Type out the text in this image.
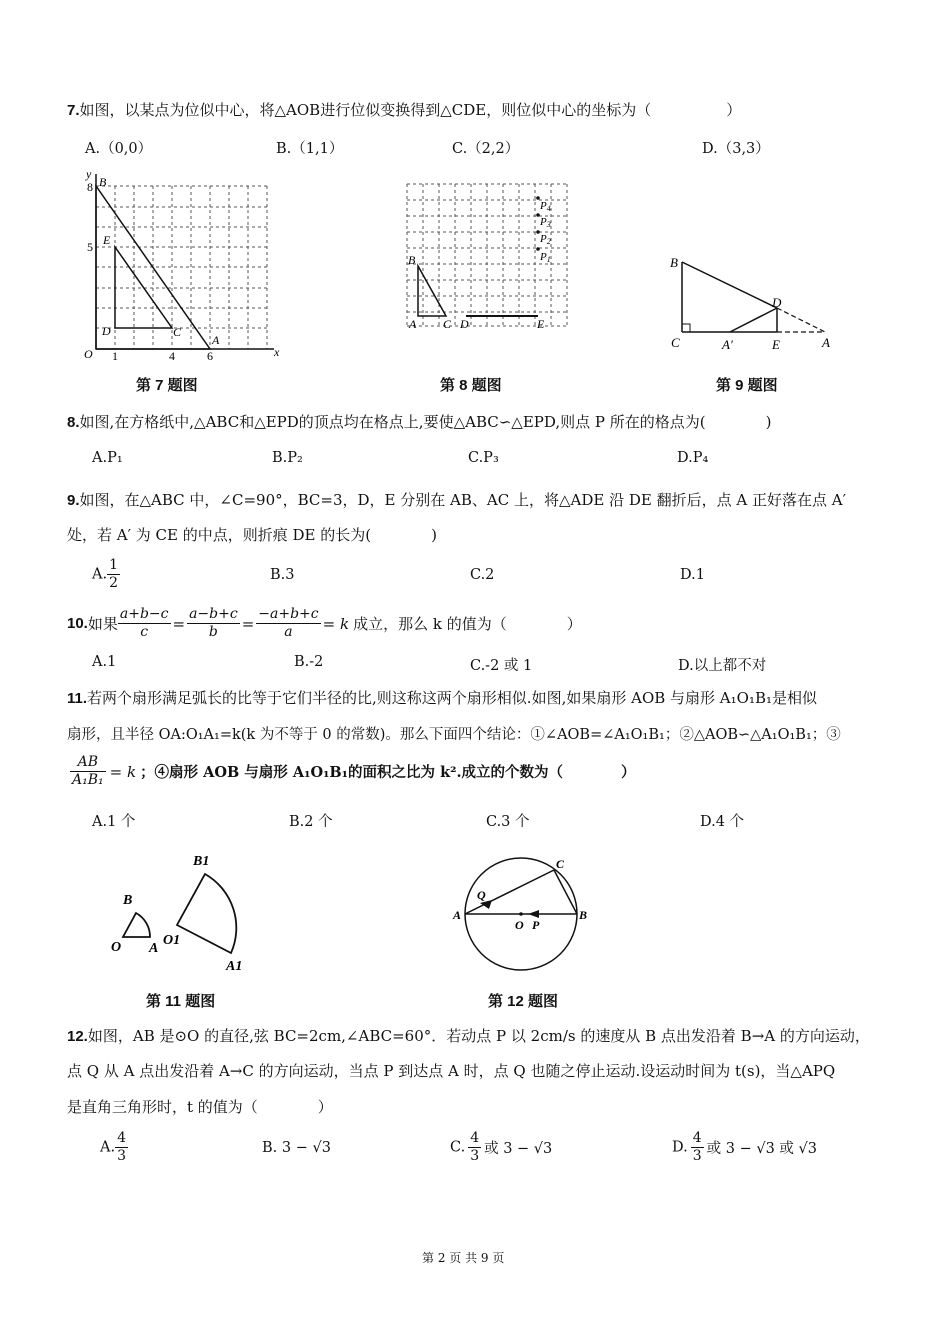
7.如图，以某点为位似中心，将△AOB进行位似变换得到△CDE，则位似中心的坐标为（　　　　　）
A.（0,0）	B.（1,1）	C.（2,2）	D.（3,3）
x
y
O 1	4	6
8
5
B
E
D	C
A
第 7 题图
P4
P3
P2
P1
B
A C D	E
第 8 题图
B
C	A′	E
D
A
第 9 题图
8.如图,在方格纸中,△ABC和△EPD的顶点均在格点上,要使△ABC∽△EPD,则点 P 所在的格点为(　　　　)
A.P₁	B.P₂	C.P₃	D.P₄
9.如图，在△ABC 中，∠C=90°，BC=3，D，E 分别在 AB、AC 上，将△ADE 沿 DE 翻折后，点 A 正好落在点 A′
处，若 A′ 为 CE 的中点，则折痕 DE 的长为(　　　　)
A. $\frac{1}{2}$	B.3	C.2	D.1
10.如果 $\frac{a+b-c}{c} = \frac{a-b+c}{b} = \frac{-a+b+c}{a} = k$ 成立，那么 k 的值为（　　　　）
A.1	B.-2	C.-2 或 1	D.以上都不对
11.若两个扇形满足弧长的比等于它们半径的比,则这称这两个扇形相似.如图,如果扇形 AOB 与扇形 A₁O₁B₁是相似
扇形，且半径 OA:O₁A₁=k(k 为不等于 0 的常数)。那么下面四个结论：①∠AOB=∠A₁O₁B₁；②△AOB∽△A₁O₁B₁；③
$\frac{AB}{\text{A₁B₁}} = k$ ；④扇形 AOB 与扇形 A₁O₁B₁的面积之比为 k².成立的个数为（　　　　）
A.1 个	B.2 个	C.3 个	D.4 个
B
O A
B1
O1
A1
第 11 题图
A	B
C
Q
O P
第 12 题图
12.如图，AB 是⊙O 的直径,弦 BC=2cm,∠ABC=60°．若动点 P 以 2cm/s 的速度从 B 点出发沿着 B→A 的方向运动，
点 Q 从 A 点出发沿着 A→C 的方向运动，当点 P 到达点 A 时，点 Q 也随之停止运动.设运动时间为 t(s)，当△APQ
是直角三角形时，t 的值为（　　　　）
A. $\frac{4}{3}$	B. 3 − √3	C. $\frac{4}{3}$ 或 3 − √3	D. $\frac{4}{3}$ 或 3 − √3 或 √3
第 2 页 共 9 页
